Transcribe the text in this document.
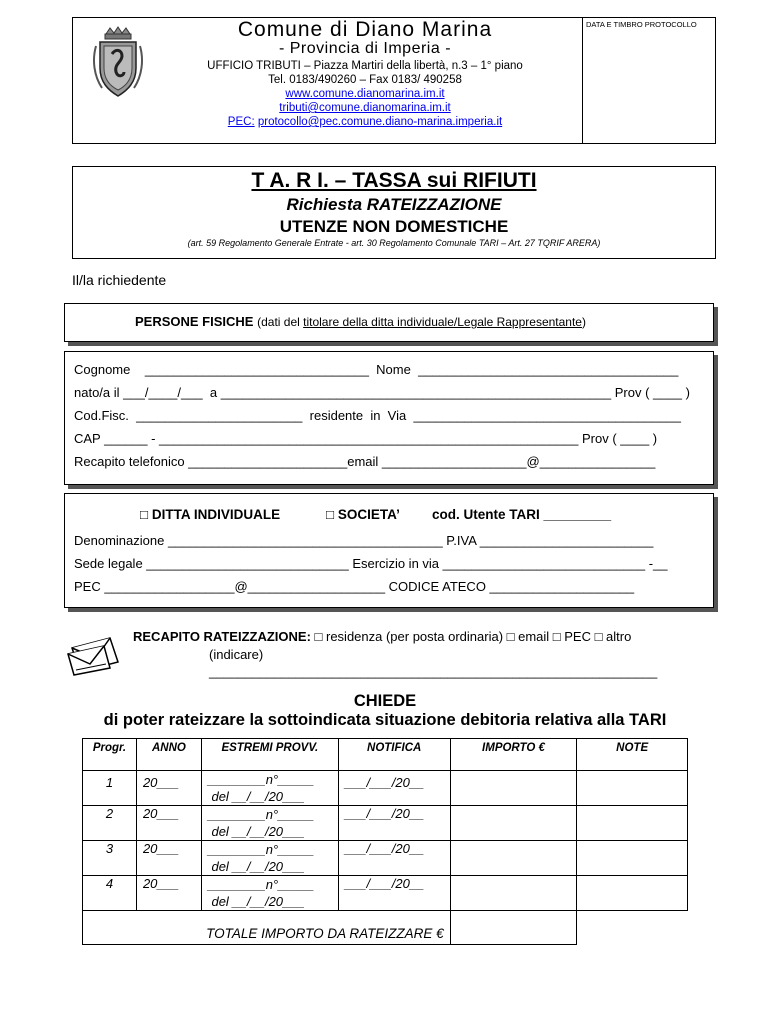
Comune di Diano Marina
- Provincia di Imperia -
UFFICIO TRIBUTI – Piazza Martiri della libertà, n.3 – 1° piano
Tel. 0183/490260 – Fax 0183/ 490258
www.comune.dianomarina.im.it
tributi@comune.dianomarina.im.it
PEC: protocollo@pec.comune.diano-marina.imperia.it
DATA E TIMBRO PROTOCOLLO
T A. R I. – TASSA sui RIFIUTI
Richiesta RATEIZZAZIONE
UTENZE NON DOMESTICHE
(art. 59 Regolamento Generale Entrate - art. 30 Regolamento Comunale TARI – Art. 27 TQRIF ARERA)
Il/la richiedente
PERSONE FISICHE (dati del titolare della ditta individuale/Legale Rappresentante)
Cognome    _______________________________  Nome  ____________________________________
nato/a il ___/____/___  a ______________________________________________________ Prov ( ____ )
Cod.Fisc.  _______________________  residente  in  Via  _____________________________________
CAP ______ - __________________________________________________________ Prov ( ____ )
Recapito telefonico ______________________email ____________________@________________
□ DITTA INDIVIDUALE	□ SOCIETA’ cod. Utente TARI _________
Denominazione ______________________________________ P.IVA ________________________
Sede legale ____________________________ Esercizio in via ____________________________ -__
PEC __________________@___________________ CODICE ATECO ____________________
RECAPITO RATEIZZAZIONE: □ residenza (per posta ordinaria) □ email □ PEC □ altro
(indicare)
______________________________________________________________
CHIEDE
di poter rateizzare la sottoindicata situazione debitoria relativa alla TARI
Progr.	ANNO	ESTREMI PROVV.	NOTIFICA	IMPORTO €	NOTE
1	20___	________n°_____
del __/__/20___	___/___/20__		
2	20___	________n°_____
del __/__/20___	___/___/20__		
3	20___	________n°_____
del __/__/20___	___/___/20__		
4	20___	________n°_____
del __/__/20___	___/___/20__		
TOTALE IMPORTO DA RATEIZZARE €					
